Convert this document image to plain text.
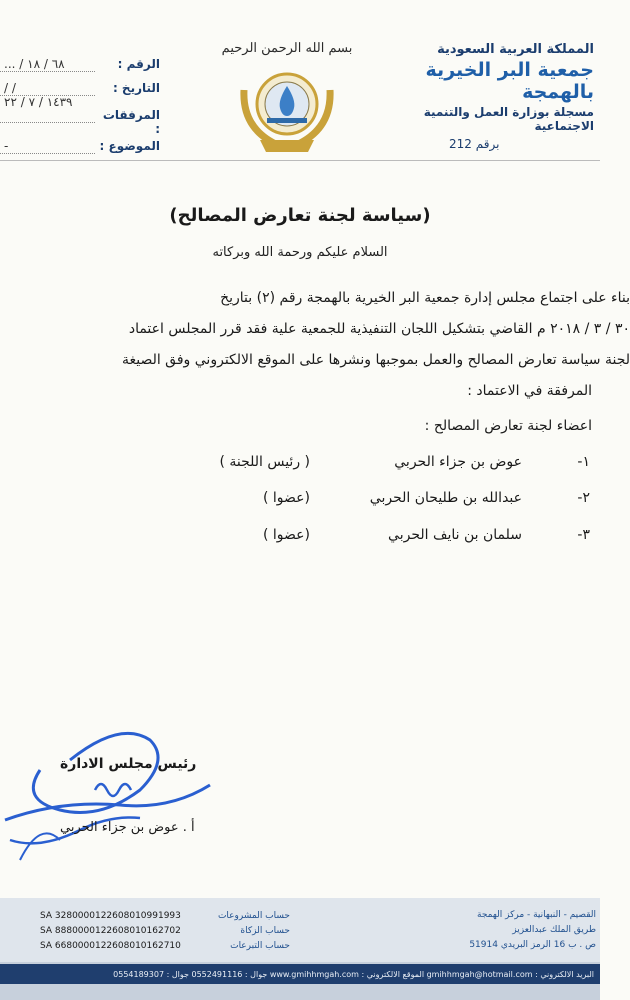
المملكة العربية السعودية
جمعية البر الخيرية بالهمجة
مسجلة بوزارة العمل والتنمية الاجتماعية
برقم 212
الرقم :
٦٨ / ١٨ / ...
التاريخ :
/ /
١٤٣٩ / ٧ / ٢٢
المرفقات :
الموضوع :
-
بسم الله الرحمن الرحيم
(سياسة لجنة تعارض المصالح)
السلام عليكم ورحمة الله وبركاته
بناء على اجتماع مجلس إدارة جمعية البر الخيرية بالهمجة رقم (٢) بتاريخ
٣٠ / ٣ / ٢٠١٨ م القاضي بتشكيل اللجان التنفيذية للجمعية علية فقد قرر المجلس اعتماد
لجنة سياسة تعارض المصالح والعمل بموجبها ونشرها على الموقع الالكتروني وفق الصيغة
المرفقة في الاعتماد :
اعضاء لجنة تعارض المصالح :
١-
عوض بن جزاء الحربي
( رئيس اللجنة )
٢-
عبدالله بن طليحان الحربي
(عضوا )
٣-
سلمان بن نايف الحربي
(عضوا )
رئيس مجلس الادارة
أ . عوض بن جزاء الحربي
SA 3280000122608010991993	حساب المشروعات
SA 8880000122608010162702	حساب الزكاة
SA 6680000122608010162710	حساب التبرعات
القصيم - النبهانية - مركز الهمجة
طريق الملك عبدالعزيز
ص . ب 16 الرمز البريدي 51914
البريد الالكتروني : gmihhmgah@hotmail.com الموقع الالكتروني : www.gmihhmgah.com جوال : 0552491116 جوال : 0554189307
